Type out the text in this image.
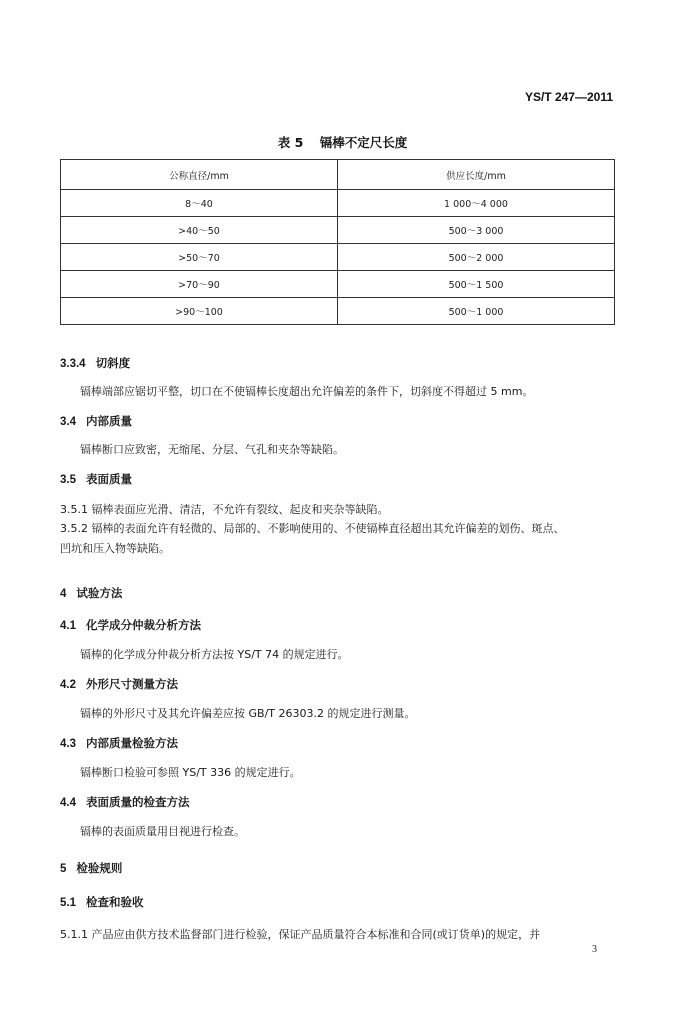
YS/T 247—2011
表 5 镉棒不定尺长度
公称直径/mm	供应长度/mm
8～40	1 000～4 000
>40～50	500～3 000
>50～70	500～2 000
>70～90	500～1 500
>90～100	500～1 000
3.3.4 切斜度
镉棒端部应锯切平整，切口在不使镉棒长度超出允许偏差的条件下，切斜度不得超过 5 mm。
3.4 内部质量
镉棒断口应致密，无缩尾、分层、气孔和夹杂等缺陷。
3.5 表面质量
3.5.1 镉棒表面应光滑、清洁，不允许有裂纹、起皮和夹杂等缺陷。
3.5.2 镉棒的表面允许有轻微的、局部的、不影响使用的、不使镉棒直径超出其允许偏差的划伤、斑点、
凹坑和压入物等缺陷。
4 试验方法
4.1 化学成分仲裁分析方法
镉棒的化学成分仲裁分析方法按 YS/T 74 的规定进行。
4.2 外形尺寸测量方法
镉棒的外形尺寸及其允许偏差应按 GB/T 26303.2 的规定进行测量。
4.3 内部质量检验方法
镉棒断口检验可参照 YS/T 336 的规定进行。
4.4 表面质量的检查方法
镉棒的表面质量用目视进行检查。
5 检验规则
5.1 检查和验收
5.1.1 产品应由供方技术监督部门进行检验，保证产品质量符合本标准和合同(或订货单)的规定，并
3
